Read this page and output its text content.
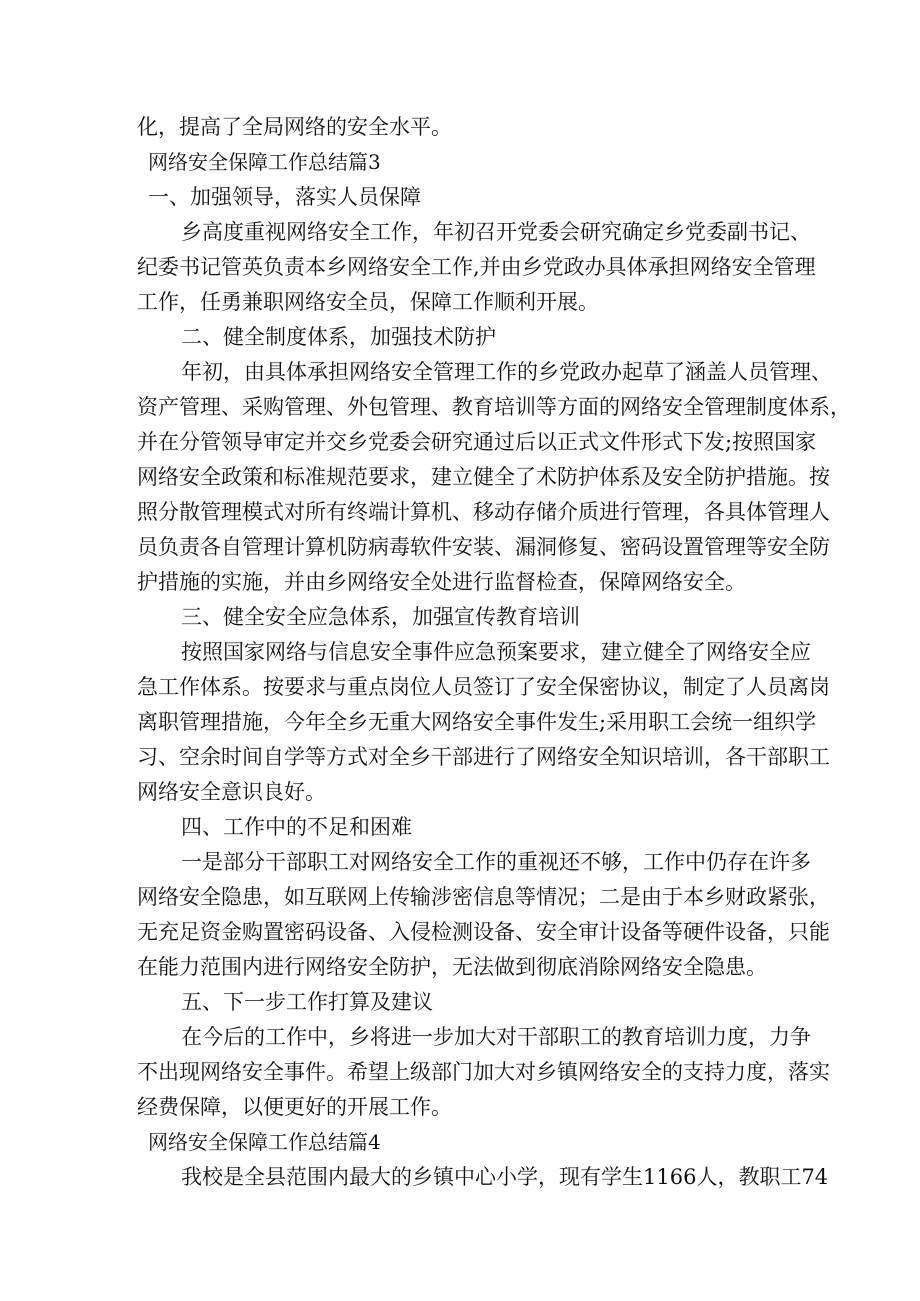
化，提高了全局网络的安全水平。

网络安全保障工作总结篇3

一、加强领导，落实人员保障

乡高度重视网络安全工作，年初召开党委会研究确定乡党委副书记、

纪委书记管英负责本乡网络安全工作,并由乡党政办具体承担网络安全管理

工作，任勇兼职网络安全员，保障工作顺利开展。

二、健全制度体系，加强技术防护

年初，由具体承担网络安全管理工作的乡党政办起草了涵盖人员管理、

资产管理、采购管理、外包管理、教育培训等方面的网络安全管理制度体系，

并在分管领导审定并交乡党委会研究通过后以正式文件形式下发;按照国家

网络安全政策和标准规范要求，建立健全了术防护体系及安全防护措施。按

照分散管理模式对所有终端计算机、移动存储介质进行管理，各具体管理人

员负责各自管理计算机防病毒软件安装、漏洞修复、密码设置管理等安全防

护措施的实施，并由乡网络安全处进行监督检查，保障网络安全。

三、健全安全应急体系，加强宣传教育培训

按照国家网络与信息安全事件应急预案要求，建立健全了网络安全应

急工作体系。按要求与重点岗位人员签订了安全保密协议，制定了人员离岗

离职管理措施，今年全乡无重大网络安全事件发生;采用职工会统一组织学

习、空余时间自学等方式对全乡干部进行了网络安全知识培训，各干部职工

网络安全意识良好。

四、工作中的不足和困难

一是部分干部职工对网络安全工作的重视还不够，工作中仍存在许多

网络安全隐患，如互联网上传输涉密信息等情况；二是由于本乡财政紧张，

无充足资金购置密码设备、入侵检测设备、安全审计设备等硬件设备，只能

在能力范围内进行网络安全防护，无法做到彻底消除网络安全隐患。

五、下一步工作打算及建议

在今后的工作中，乡将进一步加大对干部职工的教育培训力度，力争

不出现网络安全事件。希望上级部门加大对乡镇网络安全的支持力度，落实

经费保障，以便更好的开展工作。

网络安全保障工作总结篇4

我校是全县范围内最大的乡镇中心小学，现有学生1166人，教职工74
